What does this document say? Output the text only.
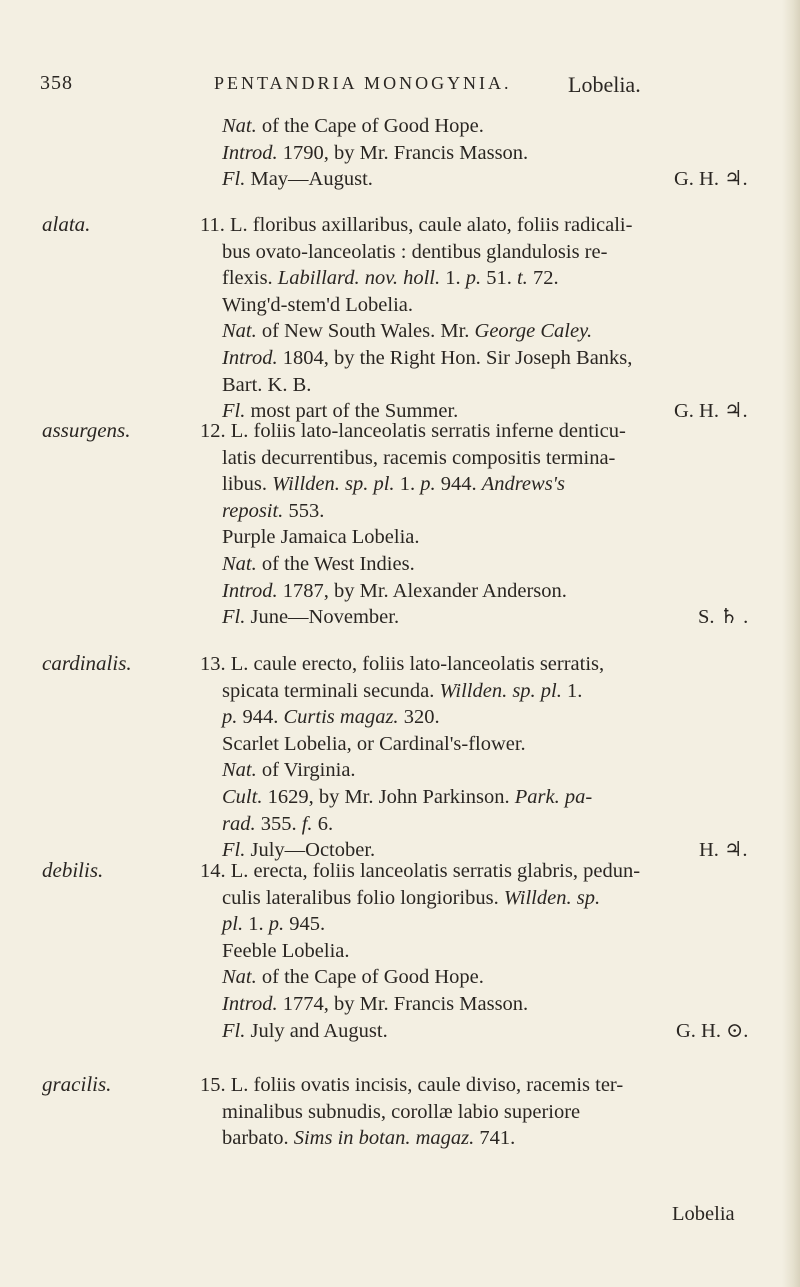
358	PENTANDRIA MONOGYNIA.	Lobelia.
Nat. of the Cape of Good Hope.
Introd. 1790, by Mr. Francis Masson.
Fl. May—August.	G. H. ♃.
alata.	11. L. floribus axillaribus, caule alato, foliis radicali-
bus ovato-lanceolatis : dentibus glandulosis re-
flexis. Labillard. nov. holl. 1. p. 51. t. 72.
Wing'd-stem'd Lobelia.
Nat. of New South Wales. Mr. George Caley.
Introd. 1804, by the Right Hon. Sir Joseph Banks,
Bart. K. B.
Fl. most part of the Summer.	G. H. ♃.
assurgens.	12. L. foliis lato-lanceolatis serratis inferne denticu-
latis decurrentibus, racemis compositis termina-
libus. Willden. sp. pl. 1. p. 944. Andrews's
reposit. 553.
Purple Jamaica Lobelia.
Nat. of the West Indies.
Introd. 1787, by Mr. Alexander Anderson.
Fl. June—November.	S. ♄ .
cardinalis.	13. L. caule erecto, foliis lato-lanceolatis serratis,
spicata terminali secunda. Willden. sp. pl. 1.
p. 944. Curtis magaz. 320.
Scarlet Lobelia, or Cardinal's-flower.
Nat. of Virginia.
Cult. 1629, by Mr. John Parkinson. Park. pa-
rad. 355. f. 6.
Fl. July—October.	H. ♃.
debilis.	14. L. erecta, foliis lanceolatis serratis glabris, pedun-
culis lateralibus folio longioribus. Willden. sp.
pl. 1. p. 945.
Feeble Lobelia.
Nat. of the Cape of Good Hope.
Introd. 1774, by Mr. Francis Masson.
Fl. July and August.	G. H. ⊙.
gracilis.	15. L. foliis ovatis incisis, caule diviso, racemis ter-
minalibus subnudis, corollæ labio superiore
barbato. Sims in botan. magaz. 741.
Lobelia
